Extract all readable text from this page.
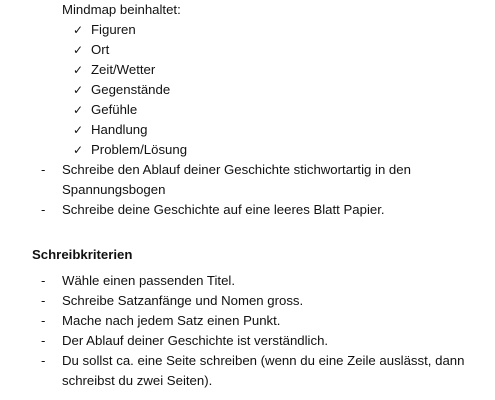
Mindmap beinhaltet:
✓ Figuren
✓ Ort
✓ Zeit/Wetter
✓ Gegenstände
✓ Gefühle
✓ Handlung
✓ Problem/Lösung
- Schreibe den Ablauf deiner Geschichte stichwortartig in den Spannungsbogen
- Schreibe deine Geschichte auf eine leeres Blatt Papier.
Schreibkriterien
- Wähle einen passenden Titel.
- Schreibe Satzanfänge und Nomen gross.
- Mache nach jedem Satz einen Punkt.
- Der Ablauf deiner Geschichte ist verständlich.
- Du sollst ca. eine Seite schreiben (wenn du eine Zeile auslässt, dann schreibst du zwei Seiten).
